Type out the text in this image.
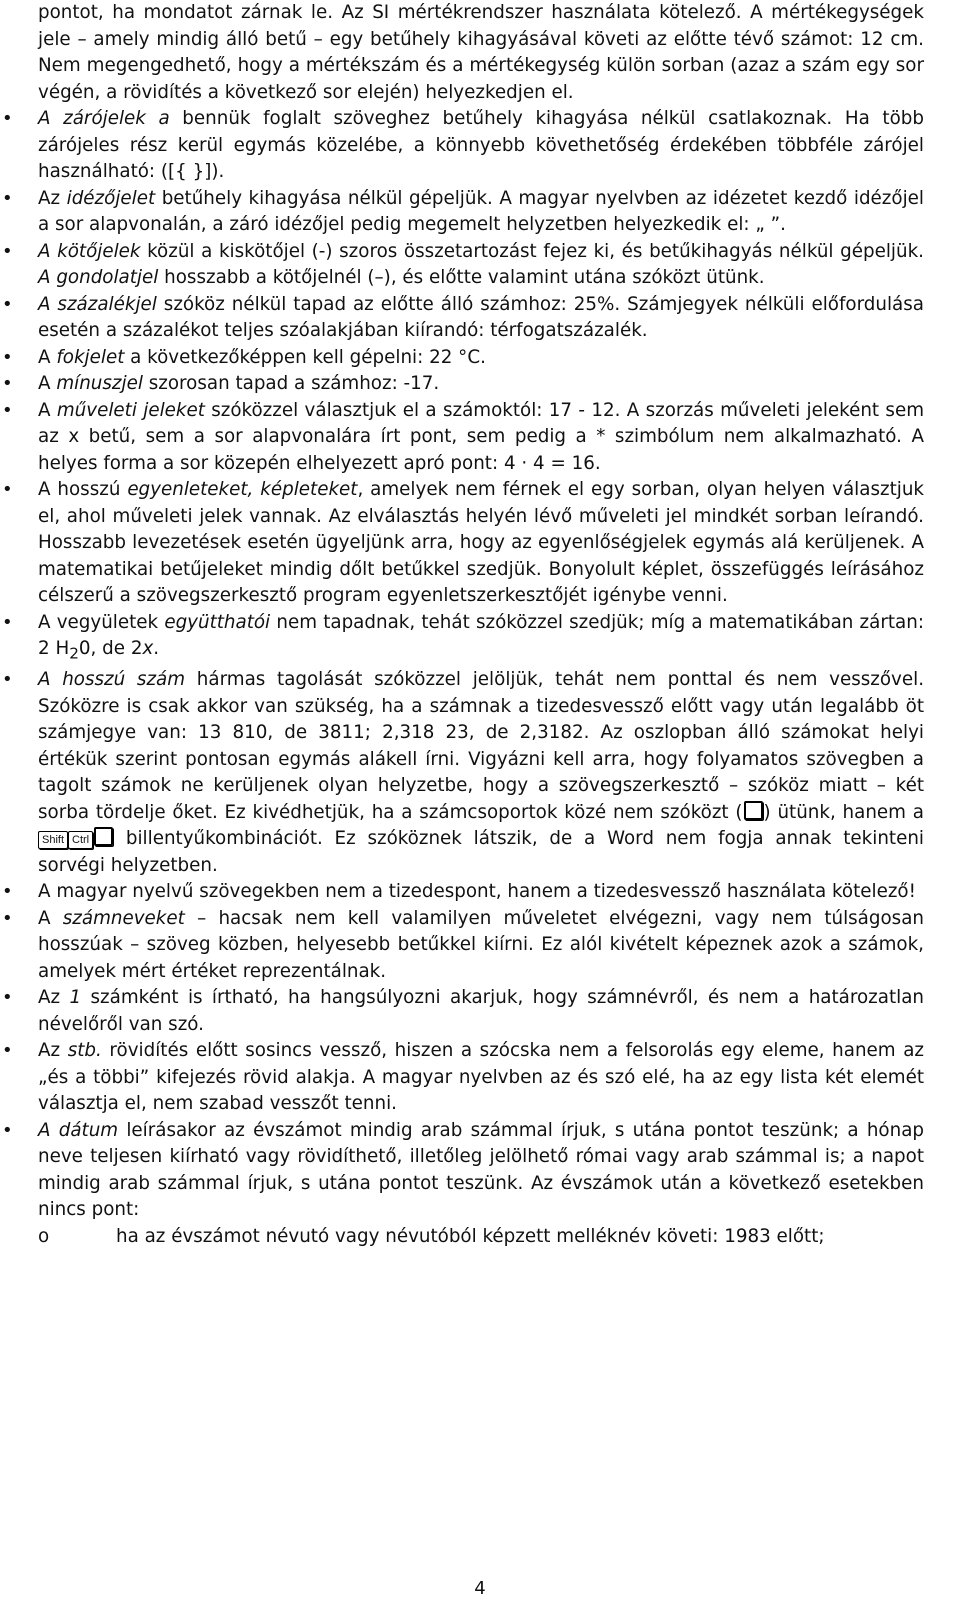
pontot, ha mondatot zárnak le. Az SI mértékrendszer használata kötelező. A mértékegységek jele – amely mindig álló betű – egy betűhely kihagyásával követi az előtte tévő számot: 12 cm. Nem megengedhető, hogy a mértékszám és a mértékegység külön sorban (azaz a szám egy sor végén, a rövidítés a következő sor elején) helyezkedjen el.

• A zárójelek a bennük foglalt szöveghez betűhely kihagyása nélkül csatlakoznak. Ha több zárójeles rész kerül egymás közelébe, a könnyebb követhetőség érdekében többféle zárójel használható: ([{ }]).
• Az idézőjelet betűhely kihagyása nélkül gépeljük. A magyar nyelvben az idézetet kezdő idézőjel a sor alapvonalán, a záró idézőjel pedig megemelt helyzetben helyezkedik el: „ ”.
• A kötőjelek közül a kiskötőjel (-) szoros összetartozást fejez ki, és betűkihagyás nélkül gépeljük. A gondolatjel hosszabb a kötőjelnél (–), és előtte valamint utána szóközt ütünk.
• A százalékjel szóköz nélkül tapad az előtte álló számhoz: 25%. Számjegyek nélküli előfordulása esetén a százalékot teljes szóalakjában kiírandó: térfogatszázalék.
• A fokjelet a következőképpen kell gépelni: 22 °C.
• A mínuszjel szorosan tapad a számhoz: -17.
• A műveleti jeleket szóközzel választjuk el a számoktól: 17 - 12. A szorzás műveleti jeleként sem az x betű, sem a sor alapvonalára írt pont, sem pedig a * szimbólum nem alkalmazható. A helyes forma a sor közepén elhelyezett apró pont: 4 · 4 = 16.
• A hosszú egyenleteket, képleteket, amelyek nem férnek el egy sorban, olyan helyen választjuk el, ahol műveleti jelek vannak. Az elválasztás helyén lévő műveleti jel mindkét sorban leírandó. Hosszabb levezetések esetén ügyeljünk arra, hogy az egyenlőségjelek egymás alá kerüljenek. A matematikai betűjeleket mindig dőlt betűkkel szedjük. Bonyolult képlet, összefüggés leírásához célszerű a szövegszerkesztő program egyenletszerkesztőjét igénybe venni.
• A vegyületek együtthatói nem tapadnak, tehát szóközzel szedjük; míg a matematikában zártan: 2 $H_20$, de 2x.
• A hosszú szám hármas tagolását szóközzel jelöljük, tehát nem ponttal és nem vesszővel. Szóközre is csak akkor van szükség, ha a számnak a tizedesvessző előtt vagy után legalább öt számjegye van: 13 810, de 3811; 2,318 23, de 2,3182. Az oszlopban álló számokat helyi értékük szerint pontosan egymás alákell írni. Vigyázni kell arra, hogy folyamatos szövegben a tagolt számok ne kerüljenek olyan helyzetbe, hogy a szövegszerkesztő – szóköz miatt – két sorba tördelje őket. Ez kivédhetjük, ha a számcsoportok közé nem szóközt ( ) ütünk, hanem a Shift Ctrl billentyűkombinációt. Ez szóköznek látszik, de a Word nem fogja annak tekinteni sorvégi helyzetben.
• A magyar nyelvű szövegekben nem a tizedespont, hanem a tizedesvessző használata kötelező!
• A számneveket – hacsak nem kell valamilyen műveletet elvégezni, vagy nem túlságosan hosszúak – szöveg közben, helyesebb betűkkel kiírni. Ez alól kivételt képeznek azok a számok, amelyek mért értéket reprezentálnak.
• Az 1 számként is írtható, ha hangsúlyozni akarjuk, hogy számnévről, és nem a határozatlan névelőről van szó.
• Az stb. rövidítés előtt sosincs vessző, hiszen a szócska nem a felsorolás egy eleme, hanem az „és a többi” kifejezés rövid alakja. A magyar nyelvben az és szó elé, ha az egy lista két elemét választja el, nem szabad vesszőt tenni.
• A dátum leírásakor az évszámot mindig arab számmal írjuk, s utána pontot teszünk; a hónap neve teljesen kiírható vagy rövidíthető, illetőleg jelölhető római vagy arab számmal is; a napot mindig arab számmal írjuk, s utána pontot teszünk. Az évszámok után a következő esetekben nincs pont:
o	ha az évszámot névutó vagy névutóból képzett melléknév követi: 1983 előtt;
4
